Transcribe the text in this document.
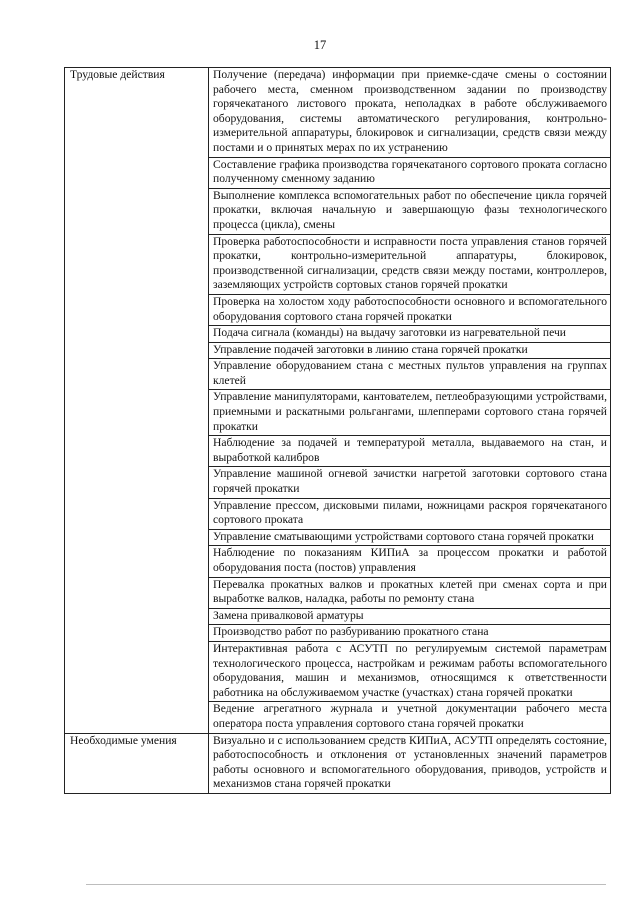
17
Трудовые действия	Получение (передача) информации при приемке-сдаче смены о состоянии рабочего места, сменном производственном задании по производству горячекатаного листового проката, неполадках в работе обслуживаемого оборудования, системы автоматического регулирования, контрольно-измерительной аппаратуры, блокировок и сигнализации, средств связи между постами и о принятых мерах по их устранению
	Составление графика производства горячекатаного сортового проката согласно полученному сменному заданию
	Выполнение комплекса вспомогательных работ по обеспечение цикла горячей прокатки, включая начальную и завершающую фазы технологического процесса (цикла), смены
	Проверка работоспособности и исправности поста управления станов горячей прокатки, контрольно-измерительной аппаратуры, блокировок, производственной сигнализации, средств связи между постами, контроллеров, заземляющих устройств сортовых станов горячей прокатки
	Проверка на холостом ходу работоспособности основного и вспомогательного оборудования сортового стана горячей прокатки
	Подача сигнала (команды) на выдачу заготовки из нагревательной печи
	Управление подачей заготовки в линию стана горячей прокатки
	Управление оборудованием стана с местных пультов управления на группах клетей
	Управление манипуляторами, кантователем, петлеобразующими устройствами, приемными и раскатными рольгангами, шлепперами сортового стана горячей прокатки
	Наблюдение за подачей и температурой металла, выдаваемого на стан, и выработкой калибров
	Управление машиной огневой зачистки нагретой заготовки сортового стана горячей прокатки
	Управление прессом, дисковыми пилами, ножницами раскроя горячекатаного сортового проката
	Управление сматывающими устройствами сортового стана горячей прокатки
	Наблюдение по показаниям КИПиА за процессом прокатки и работой оборудования поста (постов) управления
	Перевалка прокатных валков и прокатных клетей при сменах сорта и при выработке валков, наладка, работы по ремонту стана
	Замена привалковой арматуры
	Производство работ по разбуриванию прокатного стана
	Интерактивная работа с АСУТП по регулируемым системой параметрам технологического процесса, настройкам и режимам работы вспомогательного оборудования, машин и механизмов, относящимся к ответственности работника на обслуживаемом участке (участках) стана горячей прокатки
	Ведение агрегатного журнала и учетной документации рабочего места оператора поста управления сортового стана горячей прокатки

Необходимые умения	Визуально и с использованием средств КИПиА, АСУТП определять состояние, работоспособность и отклонения от установленных значений параметров работы основного и вспомогательного оборудования, приводов, устройств и механизмов стана горячей прокатки
